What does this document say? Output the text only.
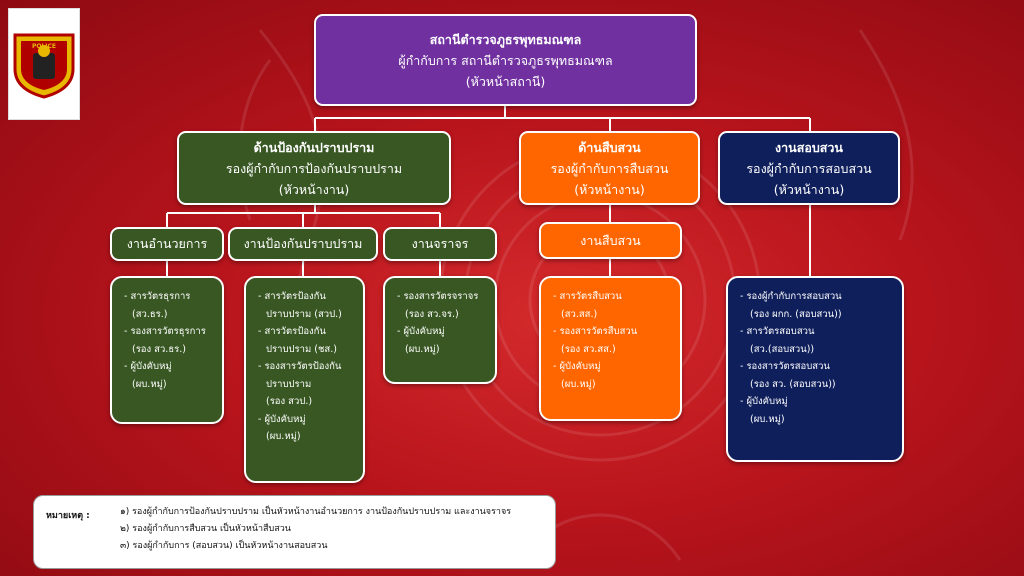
POLICE	สถานีตำรวจภูธรพุทธมณฑล
ผู้กำกับการ สถานีตำรวจภูธรพุทธมณฑล
(หัวหน้าสถานี)
ด้านป้องกันปราบปราม
รองผู้กำกับการป้องกันปราบปราม
(หัวหน้างาน)
ด้านสืบสวน
รองผู้กำกับการสืบสวน
(หัวหน้างาน)
งานสอบสวน
รองผู้กำกับการสอบสวน
(หัวหน้างาน)
งานอำนวยการ	งานป้องกันปราบปราม	งานจราจร	งานสืบสวน
- สารวัตรธุรการ
(สว.ธร.)
- รองสารวัตรธุรการ
(รอง สว.ธร.)
- ผู้บังคับหมู่
(ผบ.หมู่)
- สารวัตรป้องกัน
ปราบปราม (สวป.)
- สารวัตรป้องกัน
ปราบปราม (ชส.)
- รองสารวัตรป้องกัน
ปราบปราม
(รอง สวป.)
- ผู้บังคับหมู่
(ผบ.หมู่)
- รองสารวัตรจราจร
(รอง สว.จร.)
- ผู้บังคับหมู่
(ผบ.หมู่)
- สารวัตรสืบสวน
(สว.สส.)
- รองสารวัตรสืบสวน
(รอง สว.สส.)
- ผู้บังคับหมู่
(ผบ.หมู่)
- รองผู้กำกับการสอบสวน
(รอง ผกก. (สอบสวน))
- สารวัตรสอบสวน
(สว.(สอบสวน))
- รองสารวัตรสอบสวน
(รอง สว. (สอบสวน))
- ผู้บังคับหมู่
(ผบ.หมู่)
หมายเหตุ :	๑) รองผู้กำกับการป้องกันปราบปราม เป็นหัวหน้างานอำนวยการ งานป้องกันปราบปราม และงานจราจร
๒) รองผู้กำกับการสืบสวน เป็นหัวหน้าสืบสวน
๓) รองผู้กำกับการ (สอบสวน) เป็นหัวหน้างานสอบสวน
